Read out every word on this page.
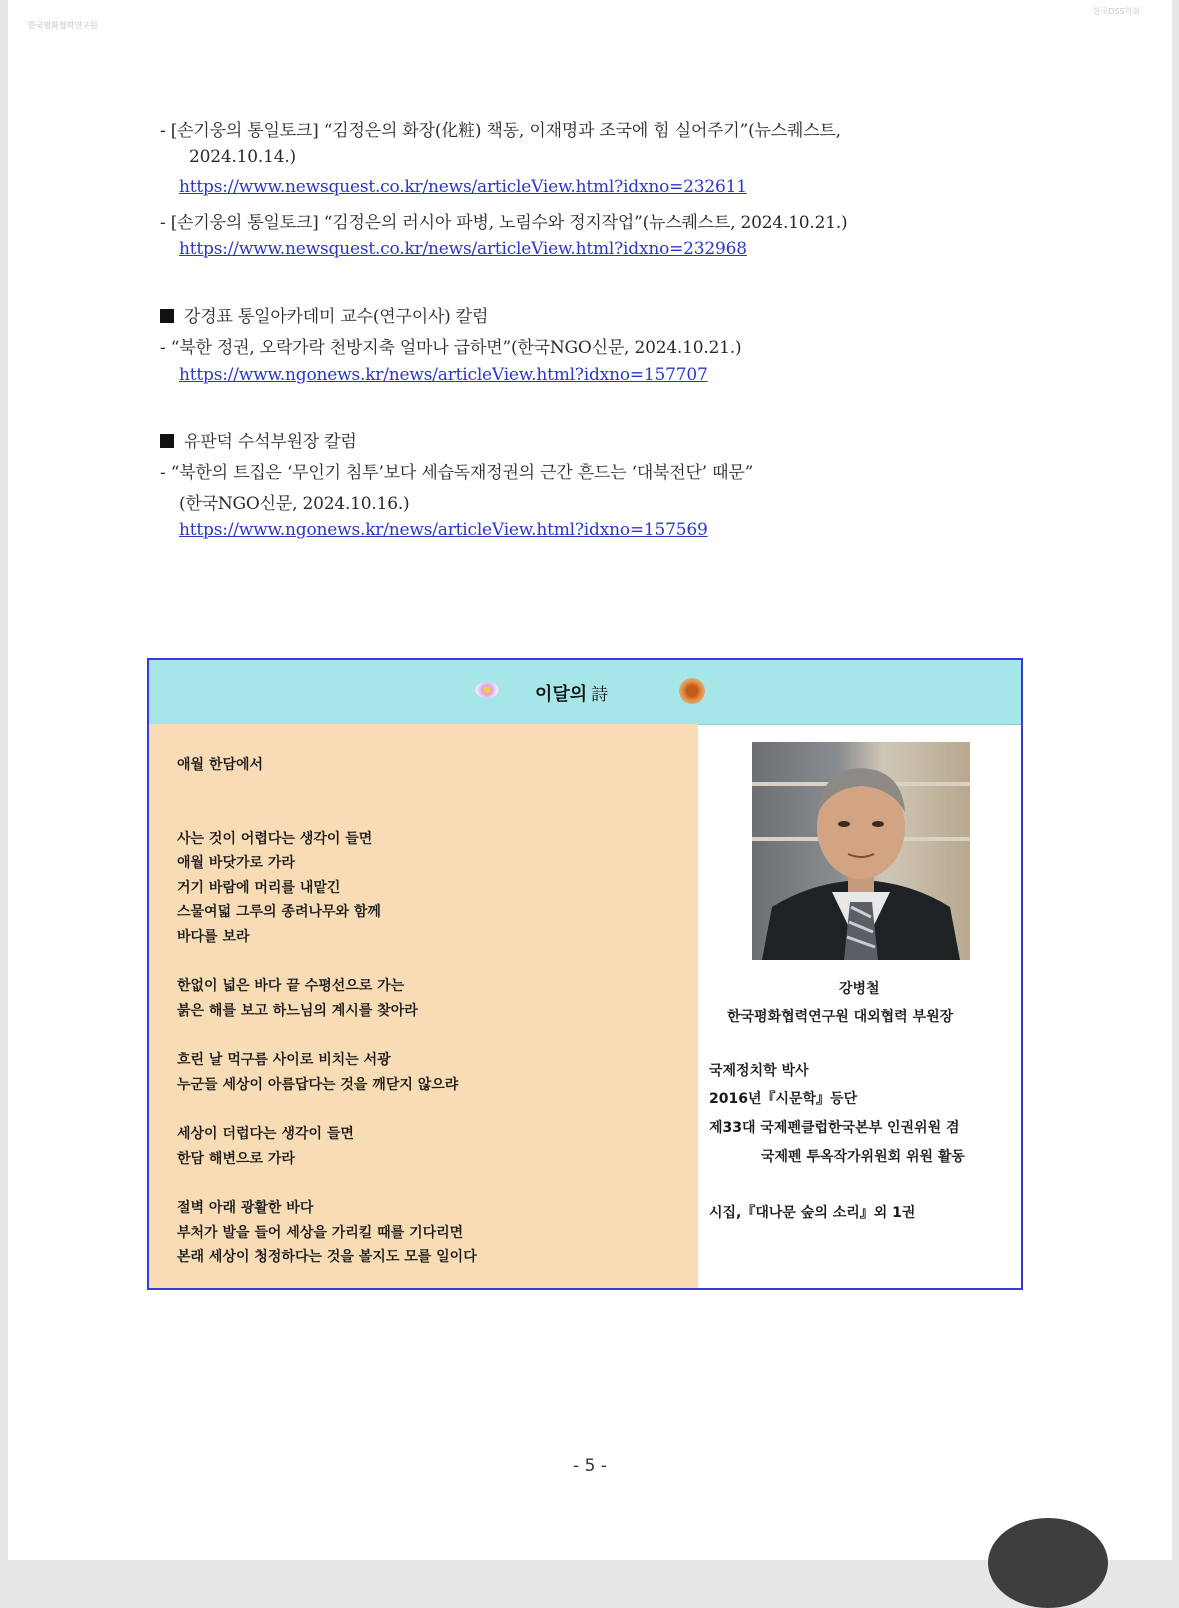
한국평화협력연구원
한국DSS학회
- [손기웅의 통일토크] “김정은의 화장(化粧) 책동, 이재명과 조국에 힘 실어주기”(뉴스퀘스트,
2024.10.14.)
https://www.newsquest.co.kr/news/articleView.html?idxno=232611
- [손기웅의 통일토크] “김정은의 러시아 파병, 노림수와 정지작업”(뉴스퀘스트, 2024.10.21.)
https://www.newsquest.co.kr/news/articleView.html?idxno=232968
강경표 통일아카데미 교수(연구이사) 칼럼
- “북한 정권, 오락가락 천방지축 얼마나 급하면”(한국NGO신문, 2024.10.21.)
https://www.ngonews.kr/news/articleView.html?idxno=157707
유판덕 수석부원장 칼럼
- “북한의 트집은 ‘무인기 침투’보다 세습독재정권의 근간 흔드는 ‘대북전단’ 때문”
(한국NGO신문, 2024.10.16.)
https://www.ngonews.kr/news/articleView.html?idxno=157569
이달의 詩
애월 한담에서
사는 것이 어렵다는 생각이 들면
애월 바닷가로 가라
거기 바람에 머리를 내맡긴
스물여덟 그루의 종려나무와 함께
바다를 보라
한없이 넓은 바다 끝 수평선으로 가는
붉은 해를 보고 하느님의 계시를 찾아라
흐린 날 먹구름 사이로 비치는 서광
누군들 세상이 아름답다는 것을 깨닫지 않으랴
세상이 더럽다는 생각이 들면
한담 해변으로 가라
절벽 아래 광활한 바다
부처가 발을 들어 세상을 가리킬 때를 기다리면
본래 세상이 청정하다는 것을 볼지도 모를 일이다
강병철
한국평화협력연구원 대외협력 부원장
국제정치학 박사
2016년『시문학』등단
제33대 국제펜클럽한국본부 인권위원 겸
국제펜 투옥작가위원회 위원 활동
시집,『대나문 숲의 소리』외 1권
- 5 -
